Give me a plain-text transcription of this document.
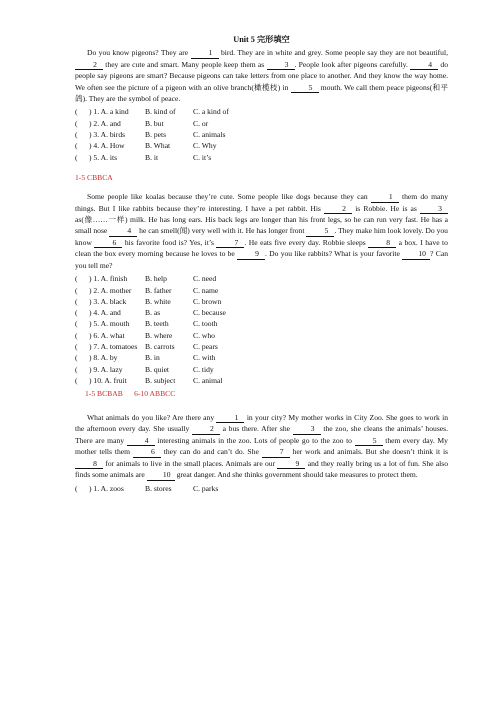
Unit 5 完形填空

Do you know pigeons? They are	1 bird. They are in white and grey. Some people say they are not beautiful, 2 they are cute and smart. Many people keep them as	3 . People look after pigeons carefully.	4 do people say pigeons are smart? Because pigeons can take letters from one place to another. And they know the way home. We often see the picture of a pigeon with an olive branch(橄榄枝) in	5 mouth. We call them peace pigeons(和平鸽). They are the symbol of peace.

(	) 1. A. a kind	B. kind of	C. a kind of
(	) 2. A. and	B. but	C. or
(	) 3. A. birds	B. pets	C. animals
(	) 4. A. How	B. What	C. Why
(	) 5. A. its	B. it	C. it’s
1-5 CBBCA

Some people like koalas because they’re cute. Some people like dogs because they can	1 them do many things. But I like rabbits because they’re interesting. I have a pet rabbit. His	2 is Robbie. He is as	3 as(像……一样) milk. He has long ears. His back legs are longer than his front legs, so he can run very fast. He has a small nose	4 he can smell(闻) very well with it. He has longer front	5 . They make him look lovely. Do you know	6 his favorite food is? Yes, it’s	7 . He eats five every day. Robbie sleeps	8 a box. I have to clean the box every morning because he loves to be	9 . Do you like rabbits? What is your favorite 10 ? Can you tell me?

(	) 1. A. finish	B. help	C. need
(	) 2. A. mother	B. father	C. name
(	) 3. A. black	B. white	C. brown
(	) 4. A. and	B. as	C. because
(	) 5. A. mouth	B. teeth	C. tooth
(	) 6. A. what	B. where	C. who
(	) 7. A. tomatoes	B. carrots	C. pears
(	) 8. A. by	B. in	C. with
(	) 9. A. lazy	B. quiet	C. tidy
(	) 10. A. fruit	B. subject	C. animal
1-5 BCBAB      6-10 ABBCC

What animals do you like? Are there any	1 in your city? My mother works in City Zoo. She goes to work in the afternoon every day. She usually	2 a bus there. After she	3 the zoo, she cleans the animals’ houses. There are many	4 interesting animals in the zoo. Lots of people go to the zoo to	5 them every day. My mother tells them	6 they can do and can’t do. She	7 her work and animals. But she doesn’t think it is 8 for animals to live in the small places. Animals are our	9 and they really bring us a lot of fun. She also finds some animals are 10 great danger. And she thinks government should take measures to protect them.

(	) 1. A. zoos	B. stores	C. parks
